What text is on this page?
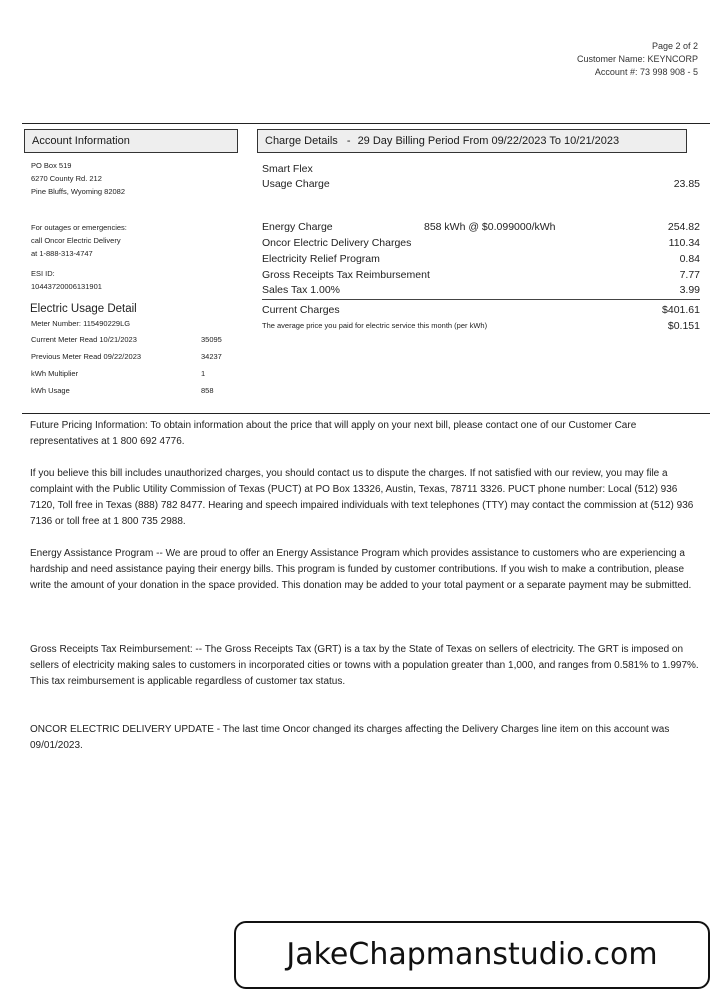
Page 2 of 2
Customer Name: KEYNCORP
Account #: 73 998 908 - 5
Account Information
PO Box 519
6270 County Rd. 212
Pine Bluffs, Wyoming 82082
For outages or emergencies:
call Oncor Electric Delivery
at 1-888-313-4747
ESI ID:
10443720006131901
Electric Usage Detail
Meter Number: 115490229LG
Current Meter Read 10/21/2023	35095
Previous Meter Read 09/22/2023	34237
kWh Multiplier	1
kWh Usage	858
Charge Details - 29 Day Billing Period From 09/22/2023 To 10/21/2023
Smart Flex
Usage Charge	23.85
Energy Charge	858 kWh @ $0.099000/kWh	254.82
Oncor Electric Delivery Charges	110.34
Electricity Relief Program	0.84
Gross Receipts Tax Reimbursement	7.77
Sales Tax 1.00%	3.99
Current Charges	$401.61
The average price you paid for electric service this month (per kWh)	$0.151
Future Pricing Information: To obtain information about the price that will apply on your next bill, please contact one of our Customer Care representatives at 1 800 692 4776.
If you believe this bill includes unauthorized charges, you should contact us to dispute the charges. If not satisfied with our review, you may file a complaint with the Public Utility Commission of Texas (PUCT) at PO Box 13326, Austin, Texas, 78711 3326. PUCT phone number: Local (512) 936 7120, Toll free in Texas (888) 782 8477. Hearing and speech impaired individuals with text telephones (TTY) may contact the commission at (512) 936 7136 or toll free at 1 800 735 2988.
Energy Assistance Program -- We are proud to offer an Energy Assistance Program which provides assistance to customers who are experiencing a hardship and need assistance paying their energy bills. This program is funded by customer contributions. If you wish to make a contribution, please write the amount of your donation in the space provided. This donation may be added to your total payment or a separate payment may be submitted.
Gross Receipts Tax Reimbursement: -- The Gross Receipts Tax (GRT) is a tax by the State of Texas on sellers of electricity. The GRT is imposed on sellers of electricity making sales to customers in incorporated cities or towns with a population greater than 1,000, and ranges from 0.581% to 1.997%. This tax reimbursement is applicable regardless of customer tax status.
ONCOR ELECTRIC DELIVERY UPDATE - The last time Oncor changed its charges affecting the Delivery Charges line item on this account was 09/01/2023.
JakeChapmanstudio.com
